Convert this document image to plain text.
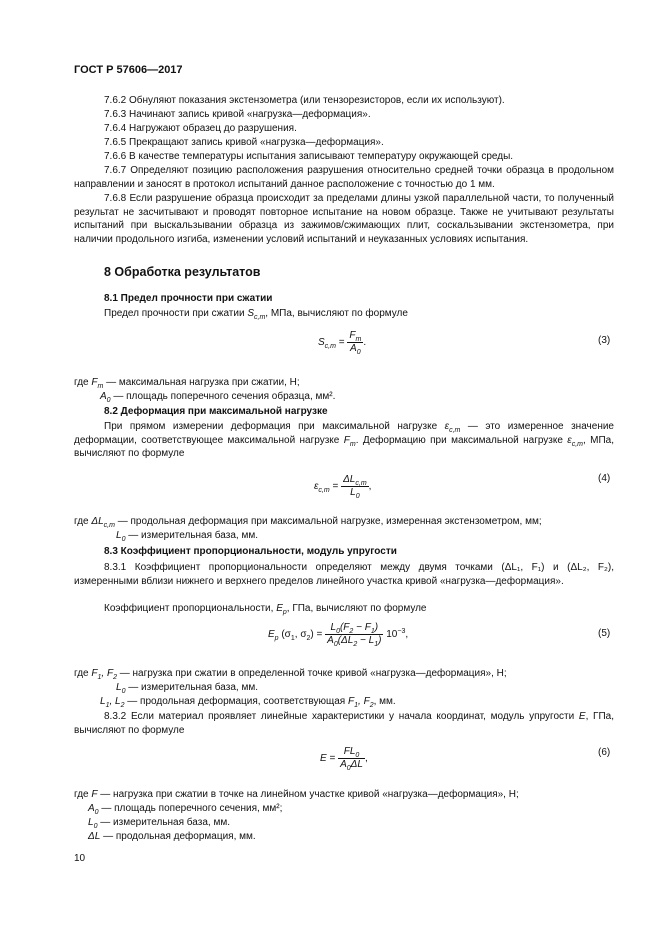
ГОСТ Р 57606—2017
7.6.2 Обнуляют показания экстензометра (или тензорезисторов, если их используют).
7.6.3 Начинают запись кривой «нагрузка—деформация».
7.6.4 Нагружают образец до разрушения.
7.6.5 Прекращают запись кривой «нагрузка—деформация».
7.6.6 В качестве температуры испытания записывают температуру окружающей среды.
7.6.7 Определяют позицию расположения разрушения относительно средней точки образца в продольном направлении и заносят в протокол испытаний данное расположение с точностью до 1 мм.
7.6.8 Если разрушение образца происходит за пределами длины узкой параллельной части, то полученный результат не засчитывают и проводят повторное испытание на новом образце. Также не учитывают результаты испытаний при выскальзывании образца из зажимов/сжимающих плит, соскальзывании экстензометра, при наличии продольного изгиба, изменении условий испытаний и неуказанных условиях испытания.
8 Обработка результатов
8.1 Предел прочности при сжатии
Предел прочности при сжатии $S_{c,m}$, МПа, вычисляют по формуле
$S_{c,m} = \frac{F_m}{A_0}$ .	(3)
где $F_m$ — максимальная нагрузка при сжатии, Н;
$A_0$ — площадь поперечного сечения образца, мм².
8.2 Деформация при максимальной нагрузке
При прямом измерении деформация при максимальной нагрузке $\varepsilon_{c,m}$ — это измеренное значение деформации, соответствующее максимальной нагрузке $F_m$. Деформацию при максимальной нагрузке $\varepsilon_{c,m}$, МПа, вычисляют по формуле
$\varepsilon_{c,m} = \frac{\Delta L_{c,m}}{L_0}$ ,
(4)
где $\Delta L_{c,m}$ — продольная деформация при максимальной нагрузке, измеренная экстензометром, мм;
$L_0$ — измерительная база, мм.
8.3 Коэффициент пропорциональности, модуль упругости
8.3.1 Коэффициент пропорциональности определяют между двумя точками (ΔL₁, F₁) и (ΔL₂, F₂), измеренными вблизи нижнего и верхнего пределов линейного участка кривой «нагрузка—деформация».
Коэффициент пропорциональности, $E_p$, ГПа, вычисляют по формуле
$E_p$ ($\sigma_1$, $\sigma_2) = \frac{L_0(F_2 - F_1)}{A_0(\Delta L_2 - L_1)} 10^{-3}$,	(5)
где $F_1$, $F_2$ — нагрузка при сжатии в определенной точке кривой «нагрузка—деформация», Н;
$L_0$ — измерительная база, мм.
$L_1$, $L_2$ — продольная деформация, соответствующая $F_1$, $F_2$, мм.
8.3.2 Если материал проявляет линейные характеристики у начала координат, модуль упругости E, ГПа, вычисляют по формуле
$E = \frac{FL_0}{A_0\Delta L}$ ,
(6)
где F — нагрузка при сжатии в точке на линейном участке кривой «нагрузка—деформация», Н;
$A_0$ — площадь поперечного сечения, мм²;
$L_0$ — измерительная база, мм.
ΔL — продольная деформация, мм.
10
